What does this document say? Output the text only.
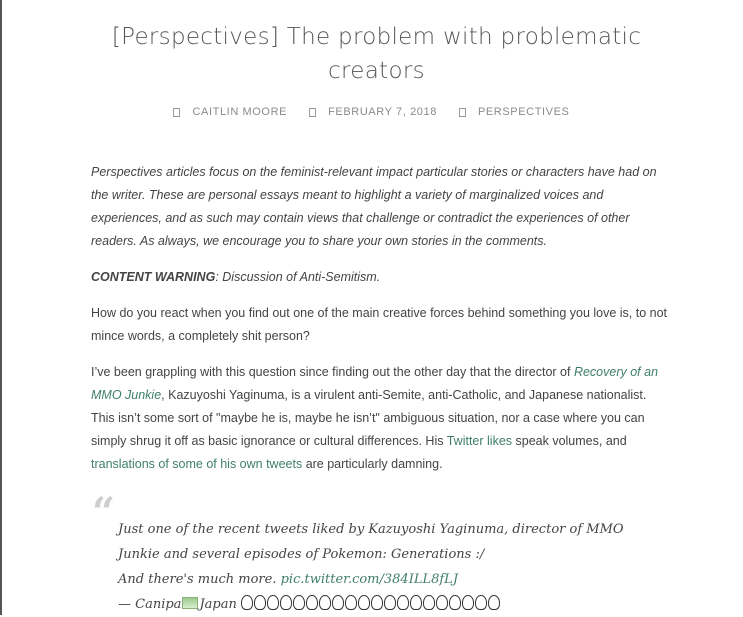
[Perspectives] The problem with problematic
creators
CAITLIN MOORE	FEBRUARY 7, 2018	PERSPECTIVES

Perspectives articles focus on the feminist-relevant impact particular stories or characters have had on the writer. These are personal essays meant to highlight a variety of marginalized voices and experiences, and as such may contain views that challenge or contradict the experiences of other readers. As always, we encourage you to share your own stories in the comments.

CONTENT WARNING: Discussion of Anti-Semitism.

How do you react when you find out one of the main creative forces behind something you love is, to not mince words, a completely shit person?

I’ve been grappling with this question since finding out the other day that the director of Recovery of an MMO Junkie, Kazuyoshi Yaginuma, is a virulent anti-Semite, anti-Catholic, and Japanese nationalist. This isn’t some sort of "maybe he is, maybe he isn’t" ambiguous situation, nor a case where you can simply shrug it off as basic ignorance or cultural differences. His Twitter likes speak volumes, and translations of some of his own tweets are particularly damning.

“ Just one of the recent tweets liked by Kazuyoshi Yaginuma, director of MMO
Junkie and several episodes of Pokemon: Generations :/
And there's much more. pic.twitter.com/384ILL8fLJ
— Canipa Japan
